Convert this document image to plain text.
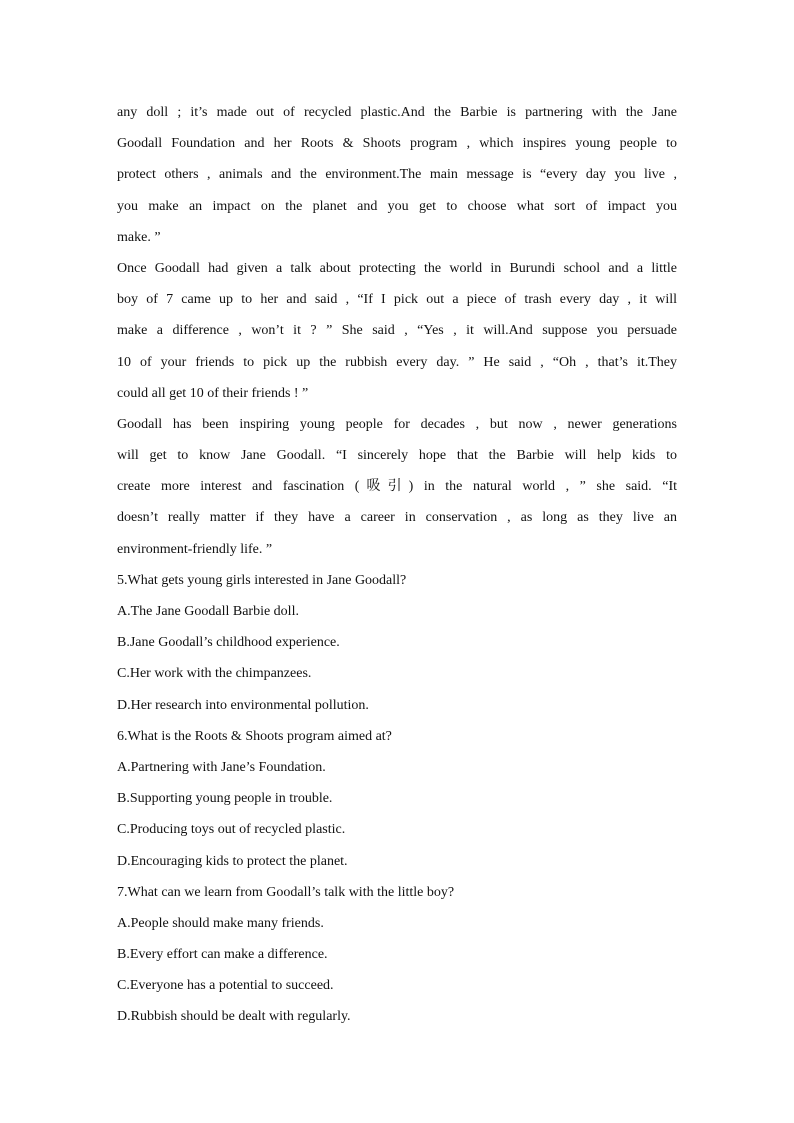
any doll ; it’s made out of recycled plastic.And the Barbie is partnering with the Jane
Goodall Foundation and her Roots & Shoots program , which inspires young people to
protect others , animals and the environment.The main message is “every day you live ,
you make an impact on the planet and you get to choose what sort of impact you
make. ”
Once Goodall had given a talk about protecting the world in Burundi school and a little
boy of 7 came up to her and said , “If I pick out a piece of trash every day , it will
make a difference , won’t it ? ” She said , “Yes , it will.And suppose you persuade
10 of your friends to pick up the rubbish every day. ” He said , “Oh , that’s it.They
could all get 10 of their friends ! ”
Goodall has been inspiring young people for decades , but now , newer generations
will get to know Jane Goodall. “I sincerely hope that the Barbie will help kids to
create more interest and fascination (吸引) in the natural world , ” she said. “It
doesn’t really matter if they have a career in conservation , as long as they live an
environment-friendly life. ”
5.What gets young girls interested in Jane Goodall?
A.The Jane Goodall Barbie doll.
B.Jane Goodall’s childhood experience.
C.Her work with the chimpanzees.
D.Her research into environmental pollution.
6.What is the Roots & Shoots program aimed at?
A.Partnering with Jane’s Foundation.
B.Supporting young people in trouble.
C.Producing toys out of recycled plastic.
D.Encouraging kids to protect the planet.
7.What can we learn from Goodall’s talk with the little boy?
A.People should make many friends.
B.Every effort can make a difference.
C.Everyone has a potential to succeed.
D.Rubbish should be dealt with regularly.
